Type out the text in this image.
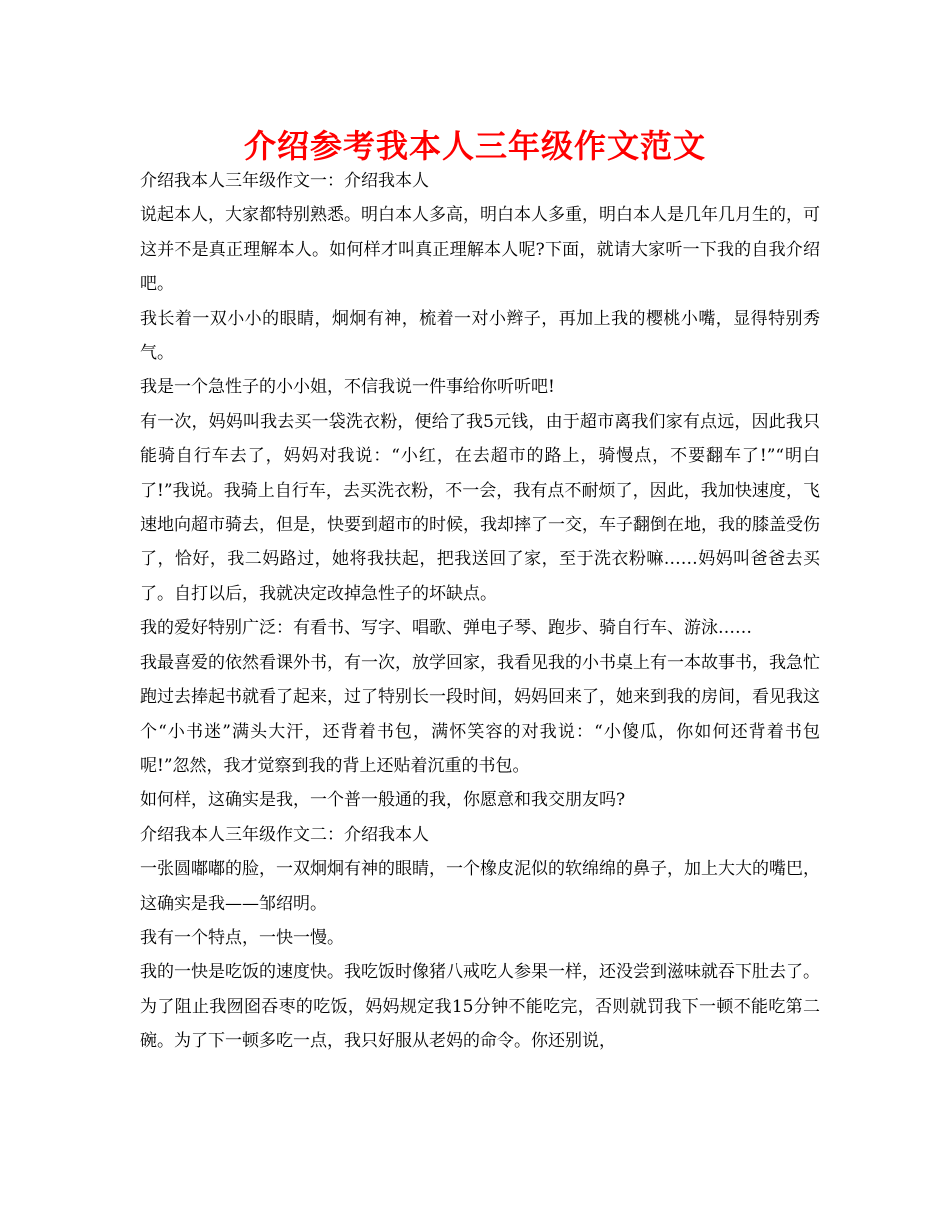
介绍参考我本人三年级作文范文

介绍我本人三年级作文一：介绍我本人

说起本人，大家都特别熟悉。明白本人多高，明白本人多重，明白本人是几年几月生的，可这并不是真正理解本人。如何样才叫真正理解本人呢?下面，就请大家听一下我的自我介绍吧。

我长着一双小小的眼睛，炯炯有神，梳着一对小辫子，再加上我的樱桃小嘴，显得特别秀气。

我是一个急性子的小小姐，不信我说一件事给你听听吧!

有一次，妈妈叫我去买一袋洗衣粉，便给了我5元钱，由于超市离我们家有点远，因此我只能骑自行车去了，妈妈对我说：“小红，在去超市的路上，骑慢点，不要翻车了!”“明白了!”我说。我骑上自行车，去买洗衣粉，不一会，我有点不耐烦了，因此，我加快速度，飞速地向超市骑去，但是，快要到超市的时候，我却摔了一交，车子翻倒在地，我的膝盖受伤了，恰好，我二妈路过，她将我扶起，把我送回了家，至于洗衣粉嘛……妈妈叫爸爸去买了。自打以后，我就决定改掉急性子的坏缺点。

我的爱好特别广泛：有看书、写字、唱歌、弹电子琴、跑步、骑自行车、游泳……

我最喜爱的依然看课外书，有一次，放学回家，我看见我的小书桌上有一本故事书，我急忙跑过去捧起书就看了起来，过了特别长一段时间，妈妈回来了，她来到我的房间，看见我这个“小书迷”满头大汗，还背着书包，满怀笑容的对我说：“小傻瓜，你如何还背着书包呢!”忽然，我才觉察到我的背上还贴着沉重的书包。

如何样，这确实是我，一个普一般通的我，你愿意和我交朋友吗?

介绍我本人三年级作文二：介绍我本人

一张圆嘟嘟的脸，一双炯炯有神的眼睛，一个橡皮泥似的软绵绵的鼻子，加上大大的嘴巴，这确实是我——邹绍明。

我有一个特点，一快一慢。

我的一快是吃饭的速度快。我吃饭时像猪八戒吃人参果一样，还没尝到滋味就吞下肚去了。为了阻止我囫囵吞枣的吃饭，妈妈规定我15分钟不能吃完，否则就罚我下一顿不能吃第二碗。为了下一顿多吃一点，我只好服从老妈的命令。你还别说，
